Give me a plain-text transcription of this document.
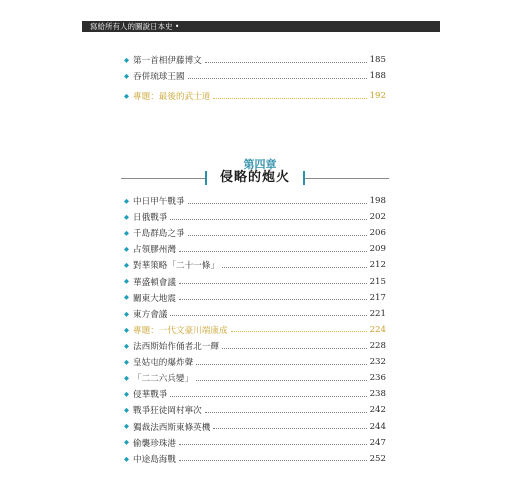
寫給所有人的圖說日本史 •
◆ 第一首相伊藤博文	185
◆ 吞併琉球王國	188
◆ 專題：最後的武士道	192
第四章
侵略的炮火
◆ 中日甲午戰爭	198
◆ 日俄戰爭	202
◆ 千島群島之爭	206
◆ 占領膠州灣	209
◆ 對華策略「二十一條」	212
◆ 華盛頓會議	215
◆ 關東大地震	217
◆ 東方會議	221
◆ 專題：一代文豪川端康成	224
◆ 法西斯始作俑者北一輝	228
◆ 皇姑屯的爆炸聲	232
◆ 「二二六兵變」	236
◆ 侵華戰爭	238
◆ 戰爭狂徒岡村寧次	242
◆ 獨裁法西斯東條英機	244
◆ 偷襲珍珠港	247
◆ 中途島海戰	252
